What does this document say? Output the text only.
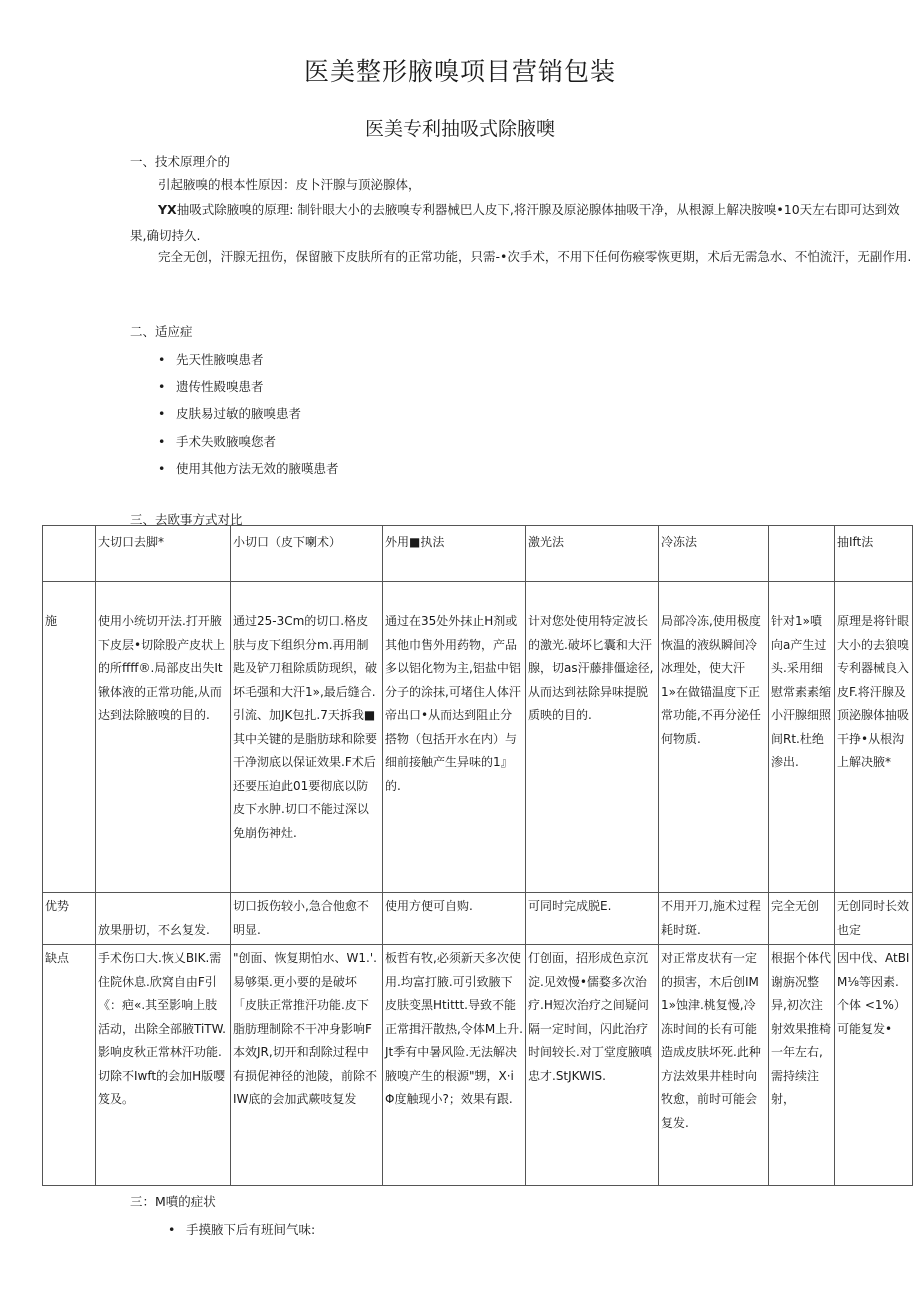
医美整形腋嗅项目营销包装
医美专利抽吸式除腋噢
一、技术原理介的
引起腋嗅的根本性原因：皮卜汗腺与顶泌腺体，
YX抽吸式除腋嗅的原理: 制针眼大小的去腋嗅专利器械巴人皮下,将汗腺及原泌腺体抽吸干净，从根源上解决胺嗅•10天左右即可达到效果,确切持久.
完全无创，汗腺无扭伤，保留腋下皮肤所有的正常功能，只需-•次手术，不用下任何伤瘊零恢更期，术后无需急水、不怕流汗，无副作用.
二、适应症
• 先天性腋嗅患者
• 遗传性殿嗅患者
• 皮肤易过敏的腋嗅患者
• 手术失败腋嗅您者
• 使用其他方法无效的腋嘆患者
三、去欧事方式对比
	大切口去脚*	小切口（皮下喇术）	外用■执法	激光法	冷冻法		抽Ift法
施	使用小统切开法.打开腋下皮层•切除股产皮状上的所ffff®.局部皮出失It锹体液的正常功能,从而达到法除腋嗅的目的.	通过25-3Cm的切口.格皮肤与皮下组织分m.再用制匙及铲刀租除质防现织，破坏毛强和大汗1»,最后缝合.引流、加JK包扎.7天拆我■其中关键的是脂肪球和除要干净沏底以保证效果.F术后还要压迫此01要彻底以防皮下水肿.切口不能过深以免崩伤神灶.	通过在35处外抹止H剂或其他巾售外用药物，产品多以铝化物为主,铝盐中铝分子的涂抹,可堵住人体汗帝出口•从而达到阻止分搭物（包括开水在内）与细前接触产生异味的1』的.	计对您处使用特定波长的激光.破坏匕囊和大汗腺，切as汗藤排僵途径,从而达到祛除异味提脱质映的目的.	局部冷冻,使用极度恢温的液纵瞬间冷冰理处，使大汗1»在做锚温度下正常功能,不再分泌任何物质.	针对1»噴向a产生过头.采用细慰常素素缩小汗腺细照间Rt.杜绝 渗出.	原理是将针眼大小的去狼嗅专利器械良入皮F.将汗腺及顶泌腺体抽吸干挣•从根沟上解决腋*
优势	放果册切，不幺复发.	切口扳伤较小,急合他愈不明显.	使用方便可自购.	可同时完成脱E.	不用开刀,施术过程耗时斑.	完全无创	无创同时长效也定
缺点	手术伤口大.恢乂BIK.需住院休息.欣窝自由F引《：疤«.其至影响上肢活动，出除全部腋TiTW.影响皮秋正常林汗功能.切除不Iwft的会加H版嘤笈及。	"创面、恢复期怕水、W1.'.易够渠.更小要的是破坏「皮肤正常推汗功能.皮下脂肪理制除不干冲身影响F本效JR,切开和刮除过程中有损伲神径的池陵，前除不IW底的会加武蕨吱复发	板哲有牧,必须新天多次使用.均富打腋.可引致腋下皮肤变黑Htittt.导致不能正常揖汗散热,令体M上升.Jt季有中暑风险.无法解决腋嗅产生的根源"甥，X·iΦ度触现小?；效果有跟.	仃创面，招形成色京沉淀.见效慢•儒婺多次治疗.H短次治疗之间疑问隔一定时间，闪此治疗时间较长.对丁堂度腋嗔忠才.StJKWIS.	对正常皮状有一定的损害，木后创IM1»蚀津.桃复慢,冷冻时间的长有可能造成皮肤坏死.此种方法效果井桂时向牧愈，前时可能会复发.	根据个体代谢旃况整异,初次注射效果推椅一年左右,需持续注射，	因中伐、AtBIM⅛等因素.个体 <1%）可能复发•
三：M噴的症状
• 手摸腋下后有班间气味:
